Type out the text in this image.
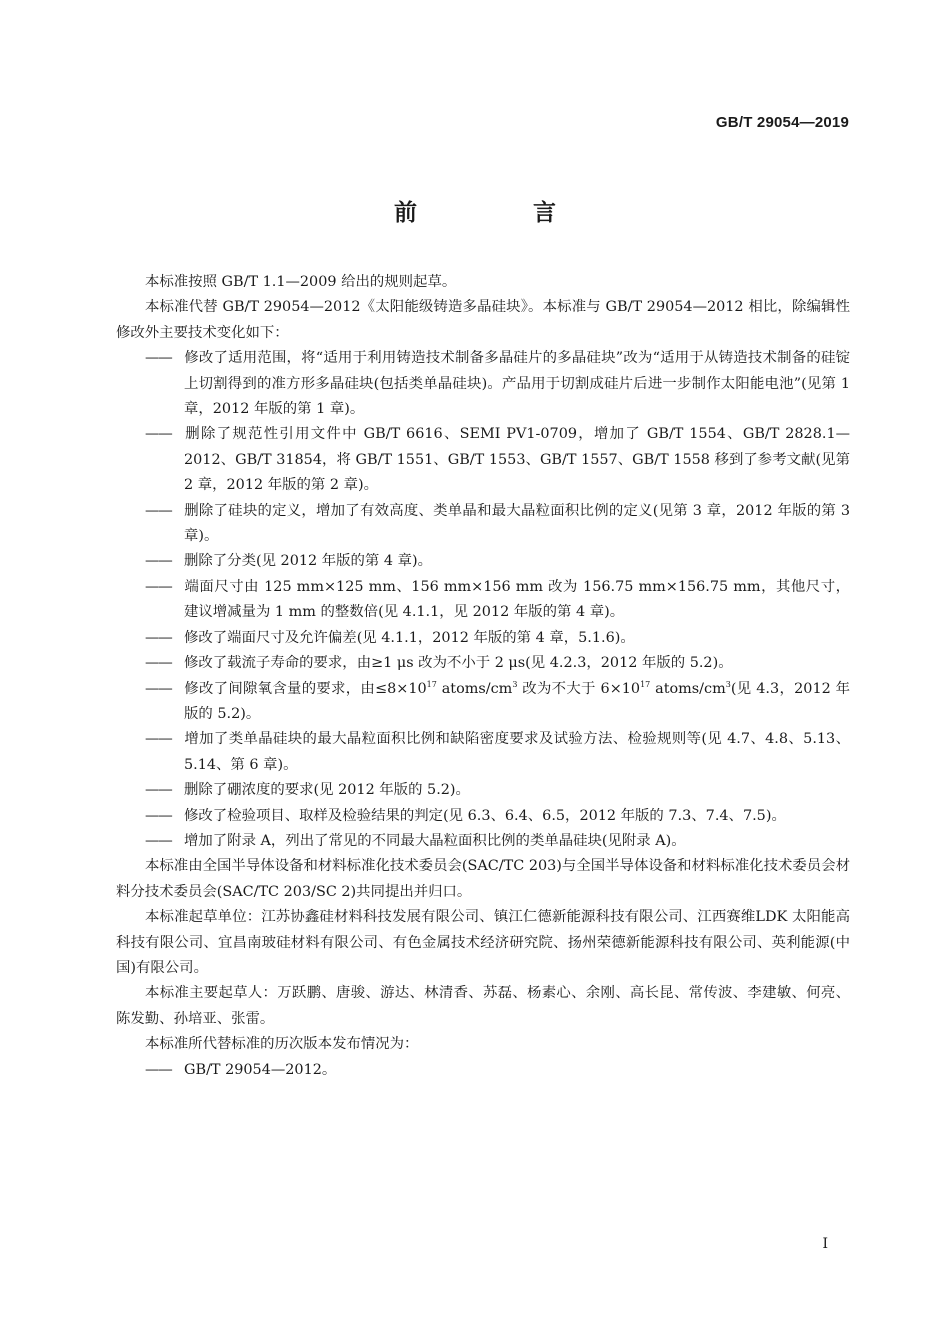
GB/T 29054—2019
前 言

本标准按照 GB/T 1.1—2009 给出的规则起草。

本标准代替 GB/T 29054—2012《太阳能级铸造多晶硅块》。本标准与 GB/T 29054—2012 相比，除编辑性修改外主要技术变化如下：

—— 修改了适用范围，将“适用于利用铸造技术制备多晶硅片的多晶硅块”改为“适用于从铸造技术制备的硅锭上切割得到的准方形多晶硅块(包括类单晶硅块)。产品用于切割成硅片后进一步制作太阳能电池”(见第 1 章，2012 年版的第 1 章)。

—— 删除了规范性引用文件中 GB/T 6616、SEMI PV1-0709，增加了 GB/T 1554、GB/T 2828.1—2012、GB/T 31854，将 GB/T 1551、GB/T 1553、GB/T 1557、GB/T 1558 移到了参考文献(见第 2 章，2012 年版的第 2 章)。

—— 删除了硅块的定义，增加了有效高度、类单晶和最大晶粒面积比例的定义(见第 3 章，2012 年版的第 3 章)。

—— 删除了分类(见 2012 年版的第 4 章)。

—— 端面尺寸由 125 mm×125 mm、156 mm×156 mm 改为 156.75 mm×156.75 mm，其他尺寸，建议增减量为 1 mm 的整数倍(见 4.1.1，见 2012 年版的第 4 章)。

—— 修改了端面尺寸及允许偏差(见 4.1.1，2012 年版的第 4 章，5.1.6)。

—— 修改了载流子寿命的要求，由≥1 μs 改为不小于 2 μs(见 4.2.3，2012 年版的 5.2)。

—— 修改了间隙氧含量的要求，由$\le 8\times 10^{17}$ atoms/$cm^3$ 改为不大于 $6\times 10^{17}$ atoms/$cm^3$(见 4.3，2012 年版的 5.2)。

—— 增加了类单晶硅块的最大晶粒面积比例和缺陷密度要求及试验方法、检验规则等(见 4.7、4.8、5.13、5.14、第 6 章)。

—— 删除了硼浓度的要求(见 2012 年版的 5.2)。

—— 修改了检验项目、取样及检验结果的判定(见 6.3、6.4、6.5，2012 年版的 7.3、7.4、7.5)。

—— 增加了附录 A，列出了常见的不同最大晶粒面积比例的类单晶硅块(见附录 A)。

本标准由全国半导体设备和材料标准化技术委员会(SAC/TC 203)与全国半导体设备和材料标准化技术委员会材料分技术委员会(SAC/TC 203/SC 2)共同提出并归口。

本标准起草单位：江苏协鑫硅材料科技发展有限公司、镇江仁德新能源科技有限公司、江西赛维LDK 太阳能高科技有限公司、宜昌南玻硅材料有限公司、有色金属技术经济研究院、扬州荣德新能源科技有限公司、英利能源(中国)有限公司。

本标准主要起草人：万跃鹏、唐骏、游达、林清香、苏磊、杨素心、余刚、高长昆、常传波、李建敏、何亮、陈发勤、孙培亚、张雷。

本标准所代替标准的历次版本发布情况为：

—— GB/T 29054—2012。

I
